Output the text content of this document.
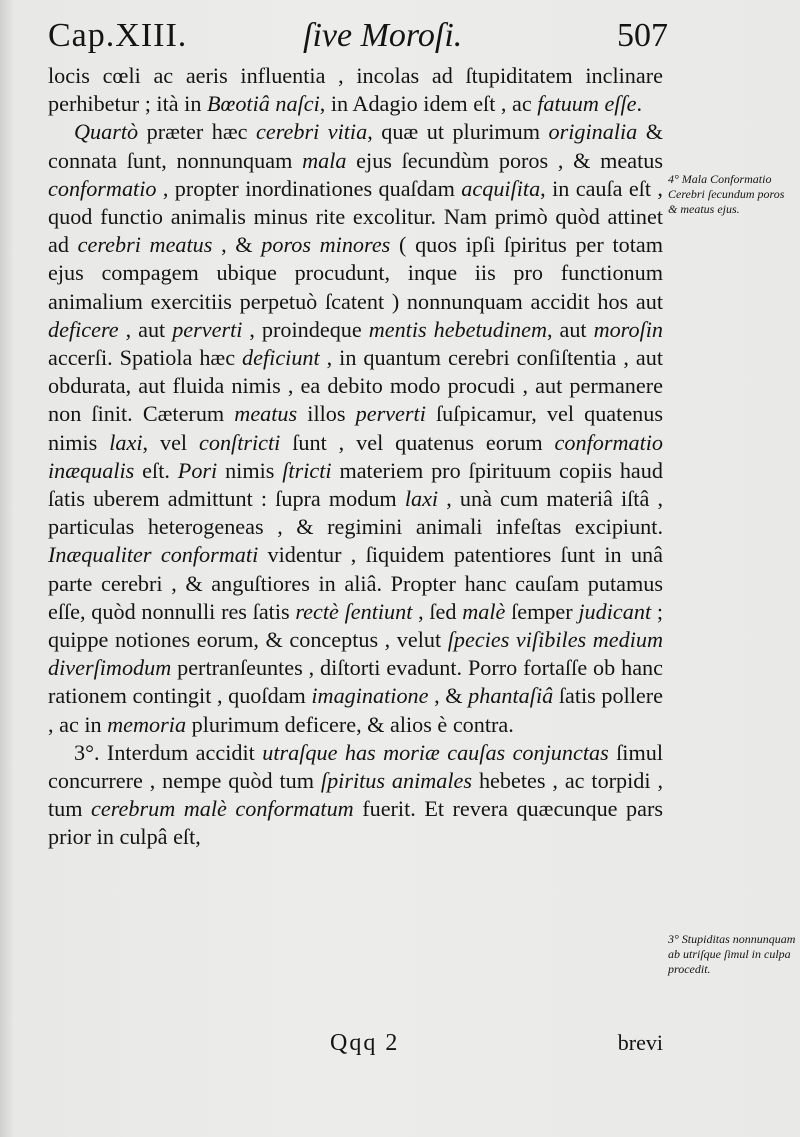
Cap.XIII.	ſive Moroſi.	507

locis cœli ac aeris influentia , incolas ad ſtupiditatem inclinare perhibetur ; ità in Bœotiâ naſci, in Adagio idem eſt , ac fatuum eſſe.

Quartò præter hæc cerebri vitia, quæ ut plurimum originalia & connata ſunt, nonnunquam mala ejus ſecundùm poros , & meatus conformatio , propter inordinationes quaſdam acquiſita, in cauſa eſt , quod functio animalis minus rite excolitur. Nam primò quòd attinet ad cerebri meatus , & poros minores ( quos ipſi ſpiritus per totam ejus compagem ubique procudunt, inque iis pro functionum animalium exercitiis perpetuò ſcatent ) nonnunquam accidit hos aut deficere , aut perverti , proindeque mentis hebetudinem, aut moroſin accerſi. Spatiola hæc deficiunt , in quantum cerebri conſiſtentia , aut obdurata, aut fluida nimis , ea debito modo procudi , aut permanere non ſinit. Cæterum meatus illos perverti ſuſpicamur, vel quatenus nimis laxi, vel conſtricti ſunt , vel quatenus eorum conformatio inæqualis eſt. Pori nimis ſtricti materiem pro ſpirituum copiis haud ſatis uberem admittunt : ſupra modum laxi , unà cum materiâ iſtâ , particulas heterogeneas , & regimini animali infeſtas excipiunt. Inæqualiter conformati videntur , ſiquidem patentiores ſunt in unâ parte cerebri , & anguſtiores in aliâ. Propter hanc cauſam putamus eſſe, quòd nonnulli res ſatis rectè ſentiunt , ſed malè ſemper judicant ; quippe notiones eorum, & conceptus , velut ſpecies viſibiles medium diverſimodum pertranſeuntes , diſtorti evadunt. Porro fortaſſe ob hanc rationem contingit , quoſdam imaginatione , & phantaſiâ ſatis pollere , ac in memoria plurimum deficere, & alios è contra.

3°. Interdum accidit utraſque has moriæ cauſas conjunctas ſimul concurrere , nempe quòd tum ſpiritus animales hebetes , ac torpidi , tum cerebrum malè conformatum fuerit. Et revera quæcunque pars prior in culpâ eſt,

4° Mala Conformatio Cerebri ſecundum poros & meatus ejus.
3° Stupiditas nonnunquam ab utriſque ſimul in culpa procedit.
Qqq 2	brevi
